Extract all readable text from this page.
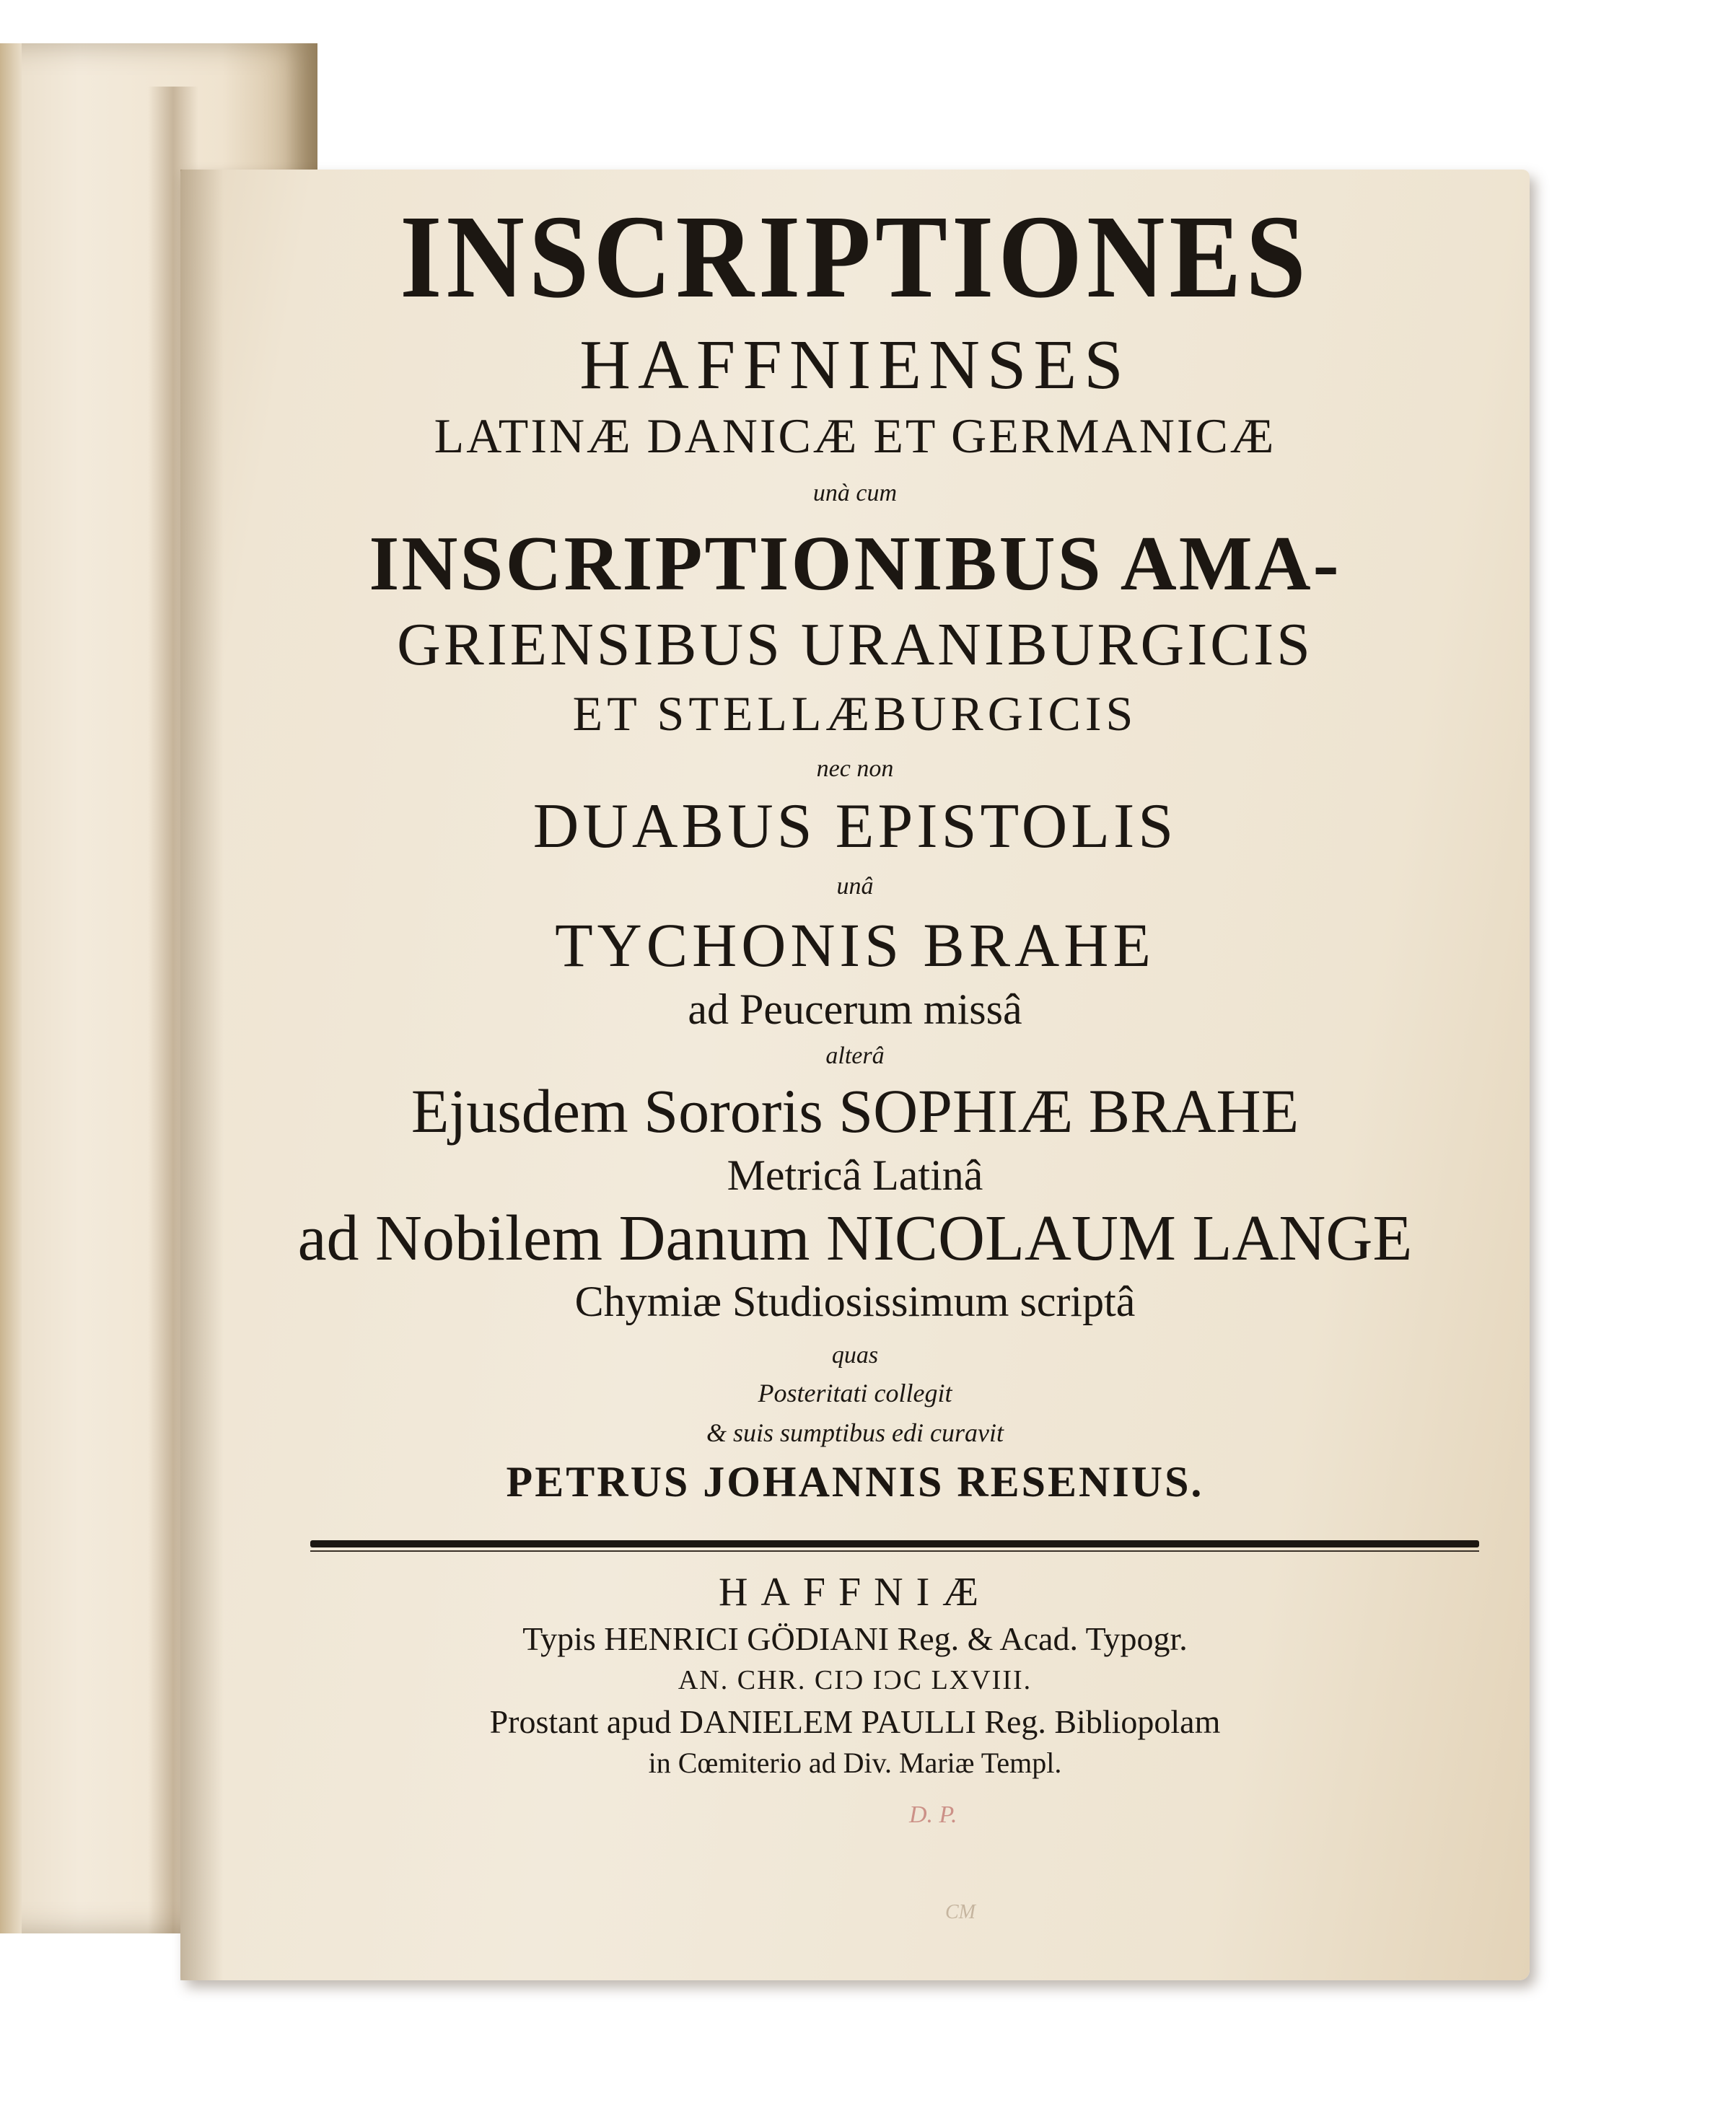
INSCRIPTIONES
HAFFNIENSES
LATINÆ DANICÆ ET GERMANICÆ
unà cum
INSCRIPTIONIBUS AMA-
GRIENSIBUS URANIBURGICIS
ET STELLÆBURGICIS
nec non
DUABUS EPISTOLIS
unâ
TYCHONIS BRAHE
ad Peucerum missâ
alterâ
Ejusdem Sororis SOPHIÆ BRAHE
Metricâ Latinâ
ad Nobilem Danum NICOLAUM LANGE
Chymiæ Studiosissimum scriptâ
quas
Posteritati collegit
& suis sumptibus edi curavit
PETRUS JOHANNIS RESENIUS.
HAFFNIÆ
Typis HENRICI GÖDIANI Reg. & Acad. Typogr.
AN. CHR. CIƆ IƆC LXVIII.
Prostant apud DANIELEM PAULLI Reg. Bibliopolam
in Cœmiterio ad Div. Mariæ Templ.
D. P.
CM
